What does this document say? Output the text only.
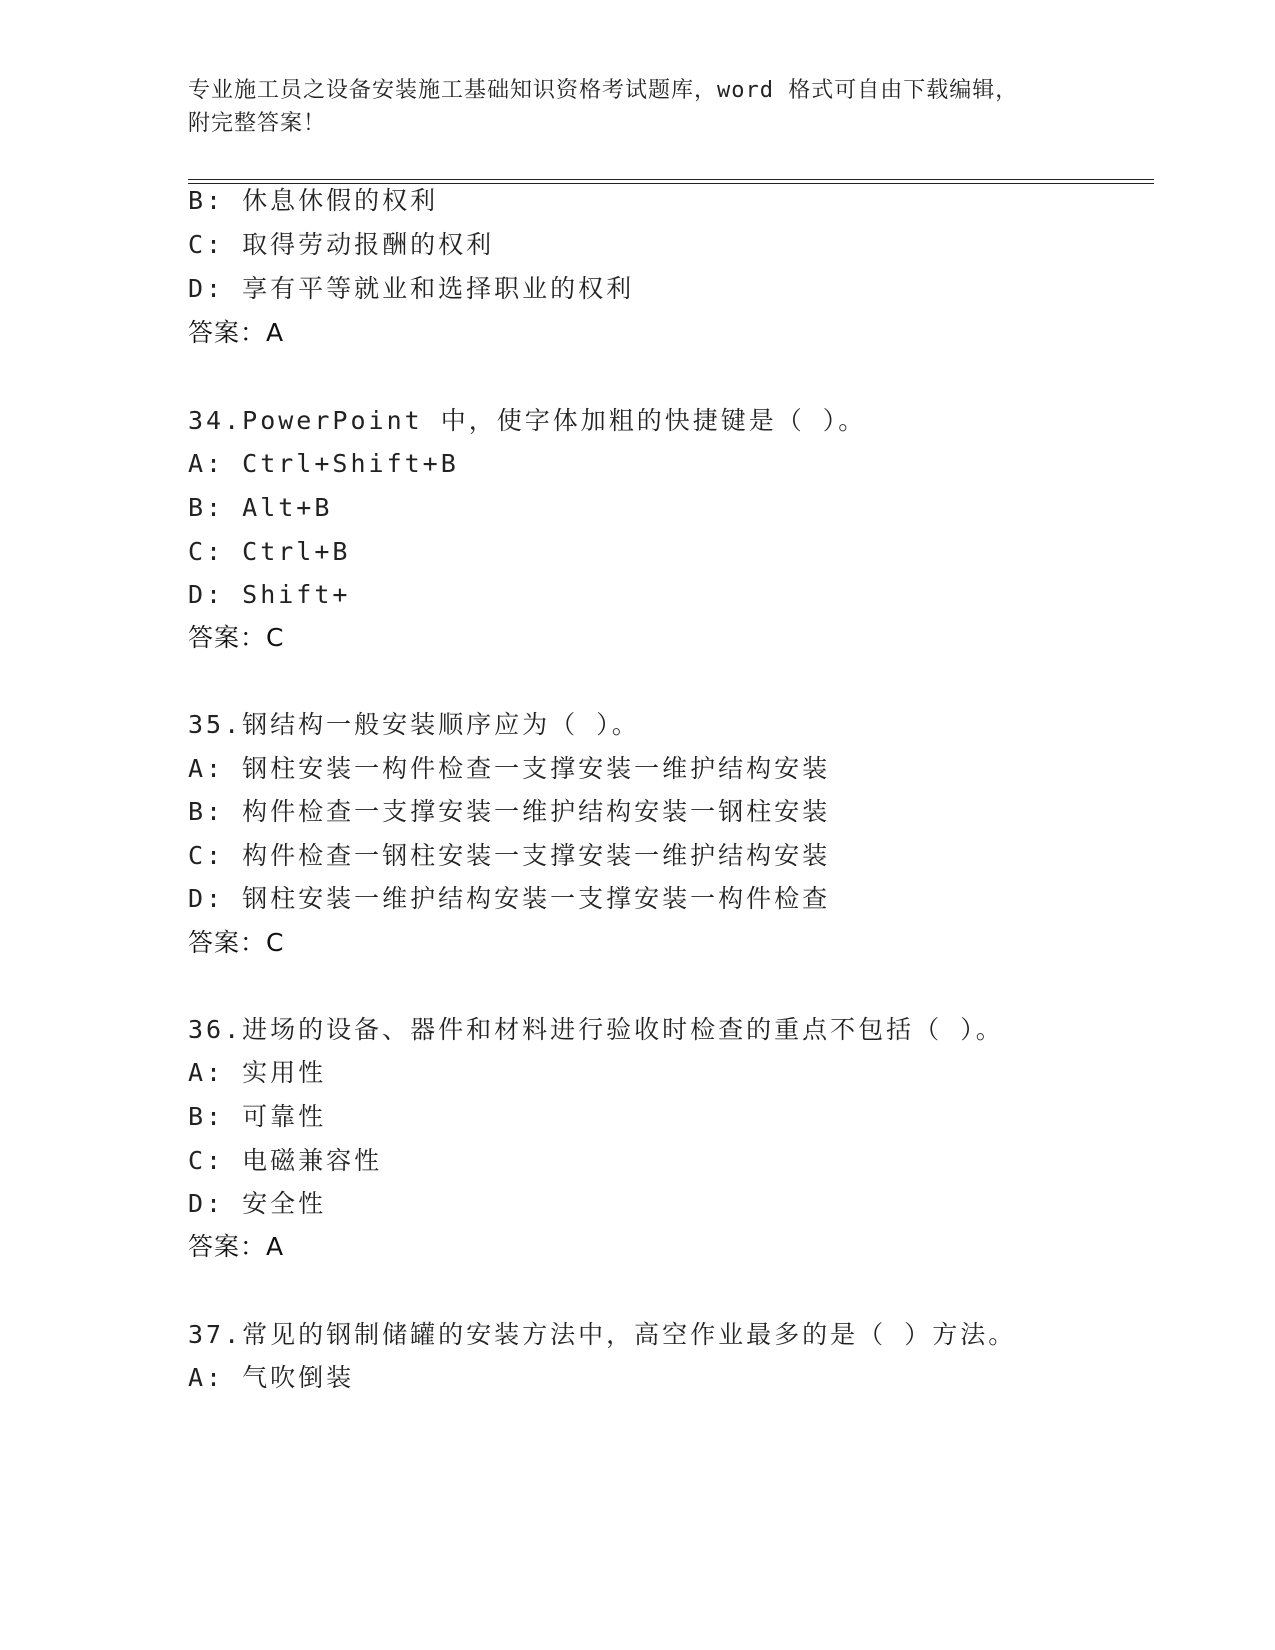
专业施工员之设备安装施工基础知识资格考试题库，word 格式可自由下载编辑，
附完整答案！
B: 休息休假的权利
C: 取得劳动报酬的权利
D: 享有平等就业和选择职业的权利
答案：A
34.PowerPoint 中，使字体加粗的快捷键是（ ）。
A: Ctrl+Shift+B
B: Alt+B
C: Ctrl+B
D: Shift+
答案：C
35.钢结构一般安装顺序应为（ ）。
A: 钢柱安装一构件检查一支撑安装一维护结构安装
B: 构件检查一支撑安装一维护结构安装一钢柱安装
C: 构件检查一钢柱安装一支撑安装一维护结构安装
D: 钢柱安装一维护结构安装一支撑安装一构件检查
答案：C
36.进场的设备、器件和材料进行验收时检查的重点不包括（ ）。
A: 实用性
B: 可靠性
C: 电磁兼容性
D: 安全性
答案：A
37.常见的钢制储罐的安装方法中，高空作业最多的是（ ）方法。
A: 气吹倒装
